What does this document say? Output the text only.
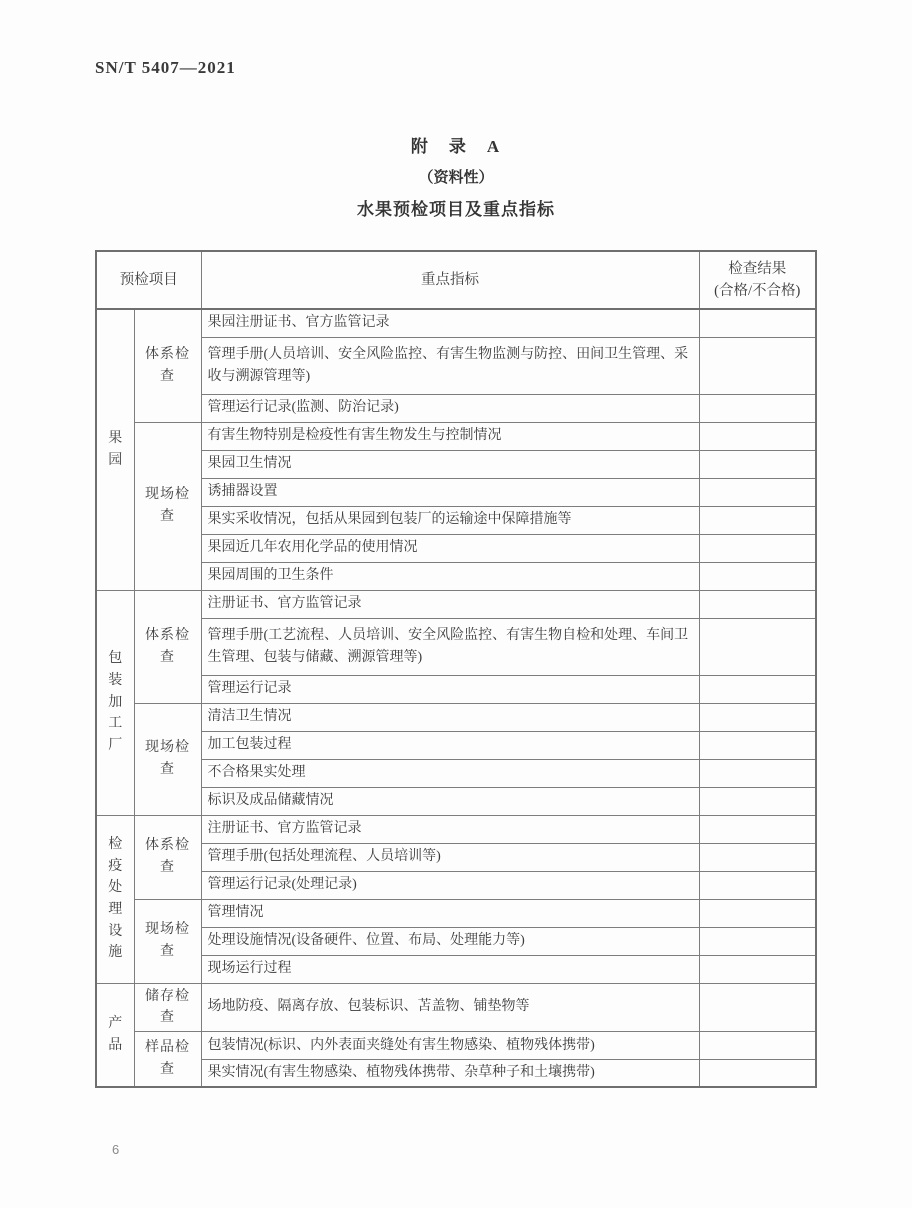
SN/T 5407—2021
附　录　A
（资料性）
水果预检项目及重点指标
预检项目		重点指标	检查结果
(合格/不合格)

果园	体系检查	果园注册证书、官方监管记录	
		管理手册(人员培训、安全风险监控、有害生物监测与防控、田间卫生管理、采收与溯源管理等)	
		管理运行记录(监测、防治记录)	
	现场检查	有害生物特别是检疫性有害生物发生与控制情况	
		果园卫生情况	
		诱捕器设置	
		果实采收情况，包括从果园到包装厂的运输途中保障措施等	
		果园近几年农用化学品的使用情况	
		果园周围的卫生条件	
包装加工厂	体系检查	注册证书、官方监管记录	
		管理手册(工艺流程、人员培训、安全风险监控、有害生物自检和处理、车间卫生管理、包装与储藏、溯源管理等)	
		管理运行记录	
	现场检查	清洁卫生情况	
		加工包装过程	
		不合格果实处理	
		标识及成品储藏情况	
检疫处理设施	体系检查	注册证书、官方监管记录	
		管理手册(包括处理流程、人员培训等)	
		管理运行记录(处理记录)	
	现场检查	管理情况	
		处理设施情况(设备硬件、位置、布局、处理能力等)	
		现场运行过程	
产品	储存检查	场地防疫、隔离存放、包装标识、苫盖物、铺垫物等	
	样品检查	包装情况(标识、内外表面夹缝处有害生物感染、植物残体携带)	
		果实情况(有害生物感染、植物残体携带、杂草种子和土壤携带)	
6
